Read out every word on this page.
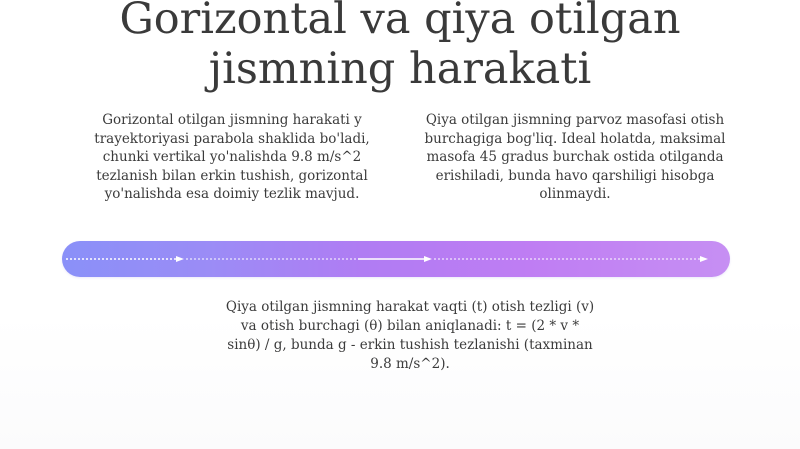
Gorizontal va qiya otilgan
jismning harakati
Gorizontal otilgan jismning harakati y trayektoriyasi parabola shaklida bo'ladi, chunki vertikal yo'nalishda 9.8 m/s^2 tezlanish bilan erkin tushish, gorizontal yo'nalishda esa doimiy tezlik mavjud.
Qiya otilgan jismning parvoz masofasi otish burchagiga bog'liq. Ideal holatda, maksimal masofa 45 gradus burchak ostida otilganda erishiladi, bunda havo qarshiligi hisobga olinmaydi.
Qiya otilgan jismning harakat vaqti (t) otish tezligi (v) va otish burchagi (θ) bilan aniqlanadi: t = (2 * v * sinθ) / g, bunda g - erkin tushish tezlanishi (taxminan 9.8 m/s^2).
